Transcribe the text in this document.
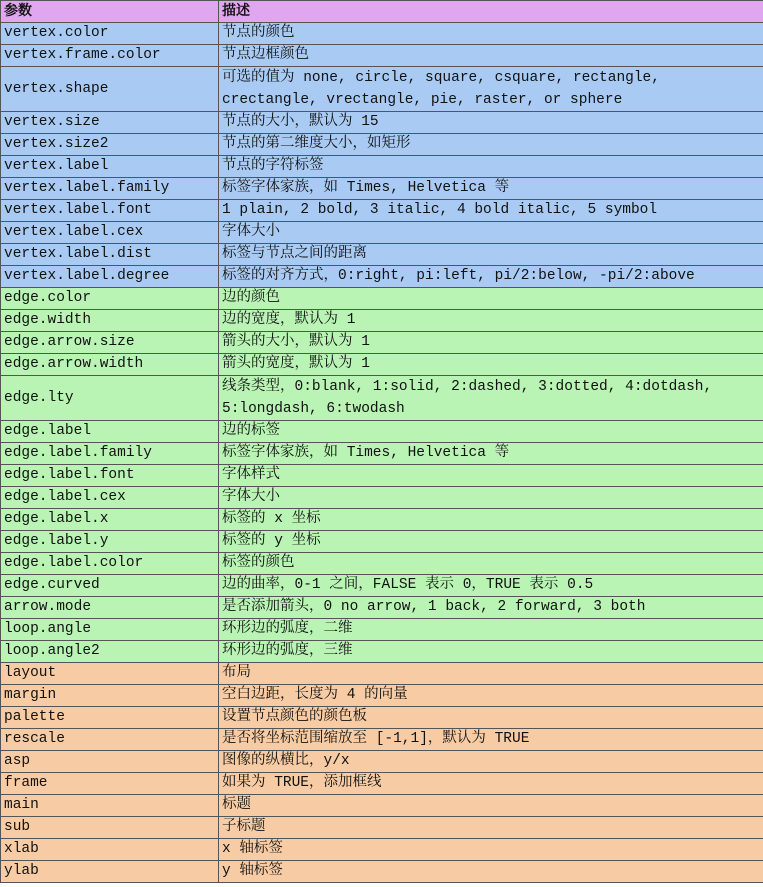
参数	描述
vertex.color	节点的颜色
vertex.frame.color	节点边框颜色
vertex.shape	可选的值为 none, circle, square, csquare, rectangle, crectangle, vrectangle, pie, raster, or sphere
vertex.size	节点的大小，默认为 15
vertex.size2	节点的第二维度大小，如矩形
vertex.label	节点的字符标签
vertex.label.family	标签字体家族，如 Times, Helvetica 等
vertex.label.font	1 plain, 2 bold, 3 italic, 4 bold italic, 5 symbol
vertex.label.cex	字体大小
vertex.label.dist	标签与节点之间的距离
vertex.label.degree	标签的对齐方式，0:right, pi:left, pi/2:below, -pi/2:above
edge.color	边的颜色
edge.width	边的宽度，默认为 1
edge.arrow.size	箭头的大小，默认为 1
edge.arrow.width	箭头的宽度，默认为 1
edge.lty	线条类型，0:blank, 1:solid, 2:dashed, 3:dotted, 4:dotdash, 5:longdash, 6:twodash
edge.label	边的标签
edge.label.family	标签字体家族，如 Times, Helvetica 等
edge.label.font	字体样式
edge.label.cex	字体大小
edge.label.x	标签的 x 坐标
edge.label.y	标签的 y 坐标
edge.label.color	标签的颜色
edge.curved	边的曲率，0-1 之间，FALSE 表示 0，TRUE 表示 0.5
arrow.mode	是否添加箭头，0 no arrow, 1 back, 2 forward, 3 both
loop.angle	环形边的弧度，二维
loop.angle2	环形边的弧度，三维
layout	布局
margin	空白边距，长度为 4 的向量
palette	设置节点颜色的颜色板
rescale	是否将坐标范围缩放至 [-1,1]，默认为 TRUE
asp	图像的纵横比，y/x
frame	如果为 TRUE，添加框线
main	标题
sub	子标题
xlab	x 轴标签
ylab	y 轴标签
